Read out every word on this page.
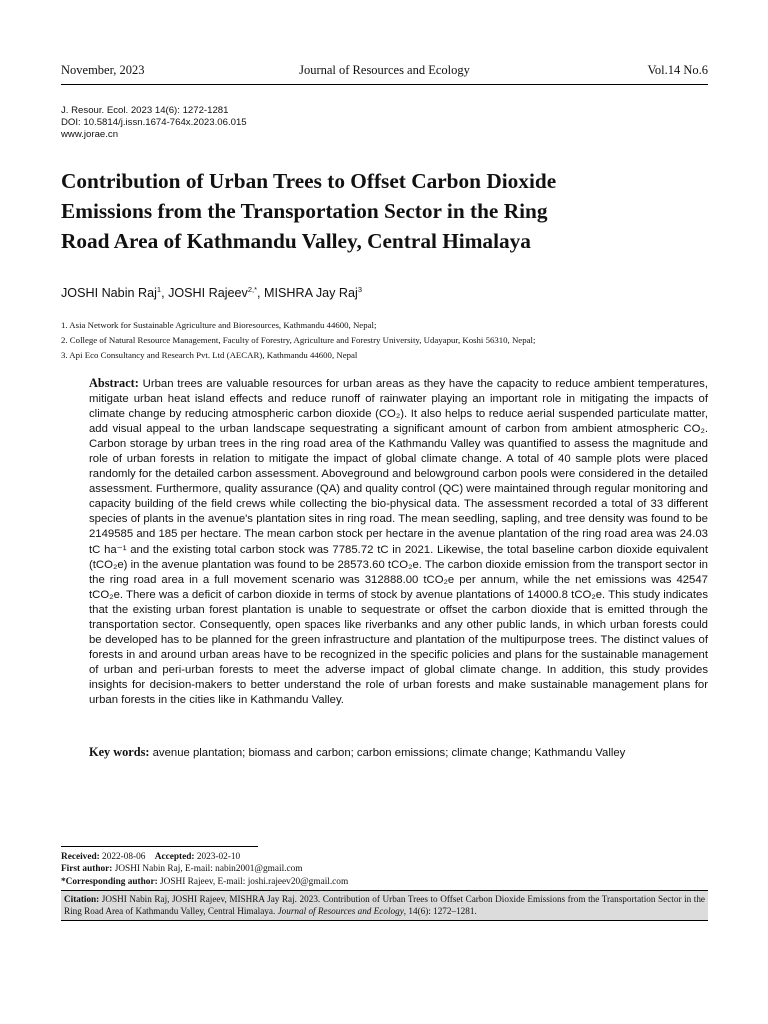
November, 2023	Journal of Resources and Ecology	Vol.14 No.6
J. Resour. Ecol. 2023 14(6): 1272-1281
DOI: 10.5814/j.issn.1674-764x.2023.06.015
www.jorae.cn
Contribution of Urban Trees to Offset Carbon Dioxide
Emissions from the Transportation Sector in the Ring
Road Area of Kathmandu Valley, Central Himalaya
JOSHI Nabin Raj$^1$, JOSHI Rajeev$^{2,*}$, MISHRA Jay Raj$^3$
1. Asia Network for Sustainable Agriculture and Bioresources, Kathmandu 44600, Nepal;
2. College of Natural Resource Management, Faculty of Forestry, Agriculture and Forestry University, Udayapur, Koshi 56310, Nepal;
3. Api Eco Consultancy and Research Pvt. Ltd (AECAR), Kathmandu 44600, Nepal
Abstract: Urban trees are valuable resources for urban areas as they have the capacity to reduce ambient temperatures, mitigate urban heat island effects and reduce runoff of rainwater playing an important role in mitigating the impacts of climate change by reducing atmospheric carbon dioxide (CO₂). It also helps to reduce aerial suspended particulate matter, add visual appeal to the urban landscape sequestrating a significant amount of carbon from ambient atmospheric CO₂. Carbon storage by urban trees in the ring road area of the Kathmandu Valley was quantified to assess the magnitude and role of urban forests in relation to mitigate the impact of global climate change. A total of 40 sample plots were placed randomly for the detailed carbon assessment. Aboveground and belowground carbon pools were considered in the detailed assessment. Furthermore, quality assurance (QA) and quality control (QC) were maintained through regular monitoring and capacity building of the field crews while collecting the bio-physical data. The assessment recorded a total of 33 different species of plants in the avenue's plantation sites in ring road. The mean seedling, sapling, and tree density was found to be 2149585 and 185 per hectare. The mean carbon stock per hectare in the avenue plantation of the ring road area was 24.03 tC ha⁻¹ and the existing total carbon stock was 7785.72 tC in 2021. Likewise, the total baseline carbon dioxide equivalent (tCO₂e) in the avenue plantation was found to be 28573.60 tCO₂e. The carbon dioxide emission from the transport sector in the ring road area in a full movement scenario was 312888.00 tCO₂e per annum, while the net emissions was 42547 tCO₂e. There was a deficit of carbon dioxide in terms of stock by avenue plantations of 14000.8 tCO₂e. This study indicates that the existing urban forest plantation is unable to sequestrate or offset the carbon dioxide that is emitted through the transportation sector. Consequently, open spaces like riverbanks and any other public lands, in which urban forests could be developed has to be planned for the green infrastructure and plantation of the multipurpose trees. The distinct values of forests in and around urban areas have to be recognized in the specific policies and plans for the sustainable management of urban and peri-urban forests to meet the adverse impact of global climate change. In addition, this study provides insights for decision-makers to better understand the role of urban forests and make sustainable management plans for urban forests in the cities like in Kathmandu Valley.
Key words: avenue plantation; biomass and carbon; carbon emissions; climate change; Kathmandu Valley
Received: 2022-08-06 Accepted: 2023-02-10
First author: JOSHI Nabin Raj, E-mail: nabin2001@gmail.com
*Corresponding author: JOSHI Rajeev, E-mail: joshi.rajeev20@gmail.com
Citation: JOSHI Nabin Raj, JOSHI Rajeev, MISHRA Jay Raj. 2023. Contribution of Urban Trees to Offset Carbon Dioxide Emissions from the Transportation Sector in the Ring Road Area of Kathmandu Valley, Central Himalaya. Journal of Resources and Ecology, 14(6): 1272–1281.
